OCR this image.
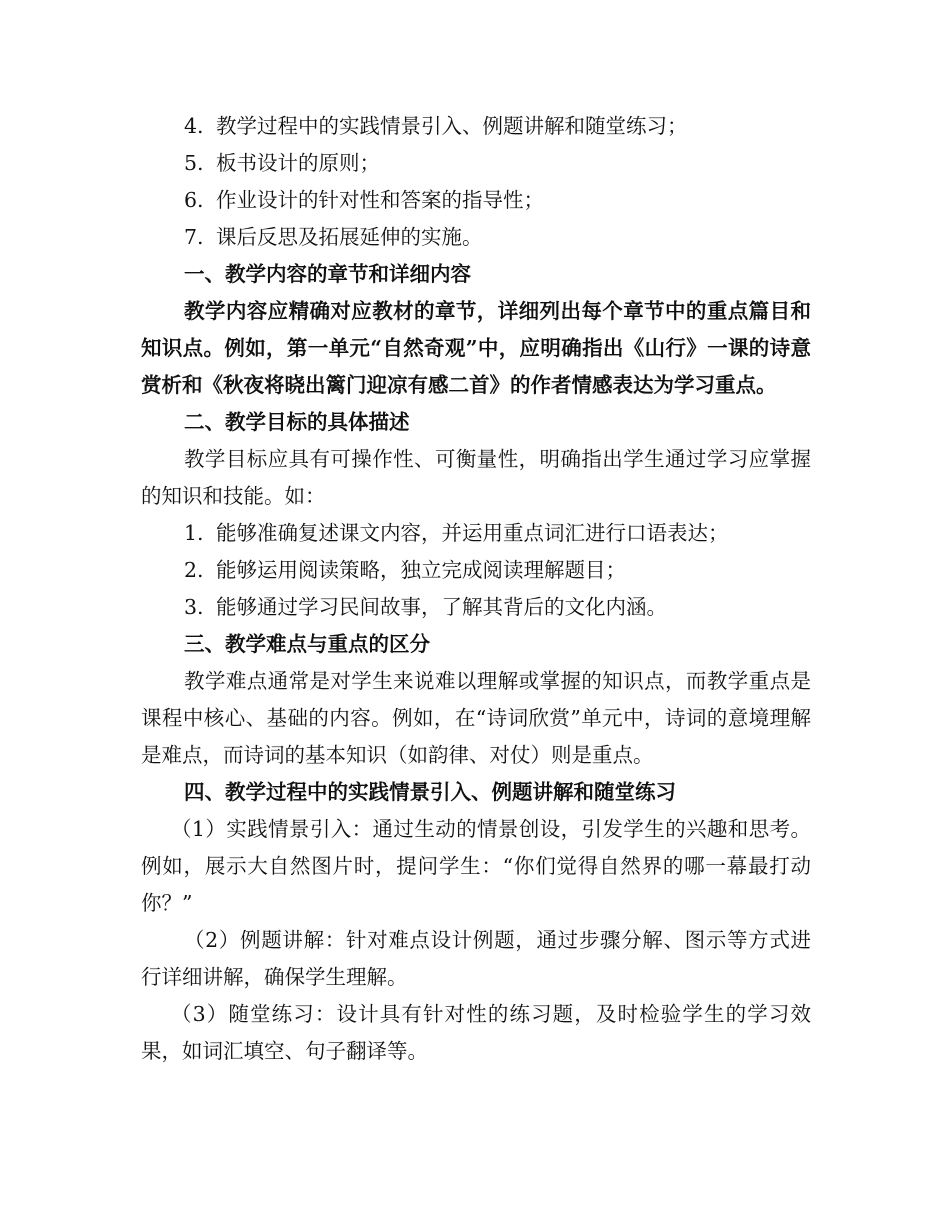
4. 教学过程中的实践情景引入、例题讲解和随堂练习；
5. 板书设计的原则；
6. 作业设计的针对性和答案的指导性；
7. 课后反思及拓展延伸的实施。
一、教学内容的章节和详细内容

教学内容应精确对应教材的章节，详细列出每个章节中的重点篇目和知识点。例如，第一单元“自然奇观”中，应明确指出《山行》一课的诗意赏析和《秋夜将晓出篱门迎凉有感二首》的作者情感表达为学习重点。

二、教学目标的具体描述

教学目标应具有可操作性、可衡量性，明确指出学生通过学习应掌握的知识和技能。如：

1. 能够准确复述课文内容，并运用重点词汇进行口语表达；
2. 能够运用阅读策略，独立完成阅读理解题目；
3. 能够通过学习民间故事，了解其背后的文化内涵。
三、教学难点与重点的区分

教学难点通常是对学生来说难以理解或掌握的知识点，而教学重点是课程中核心、基础的内容。例如，在“诗词欣赏”单元中，诗词的意境理解是难点，而诗词的基本知识（如韵律、对仗）则是重点。

四、教学过程中的实践情景引入、例题讲解和随堂练习

（1）实践情景引入：通过生动的情景创设，引发学生的兴趣和思考。例如，展示大自然图片时，提问学生：“你们觉得自然界的哪一幕最打动你？”

（2）例题讲解：针对难点设计例题，通过步骤分解、图示等方式进行详细讲解，确保学生理解。

（3）随堂练习：设计具有针对性的练习题，及时检验学生的学习效果，如词汇填空、句子翻译等。
